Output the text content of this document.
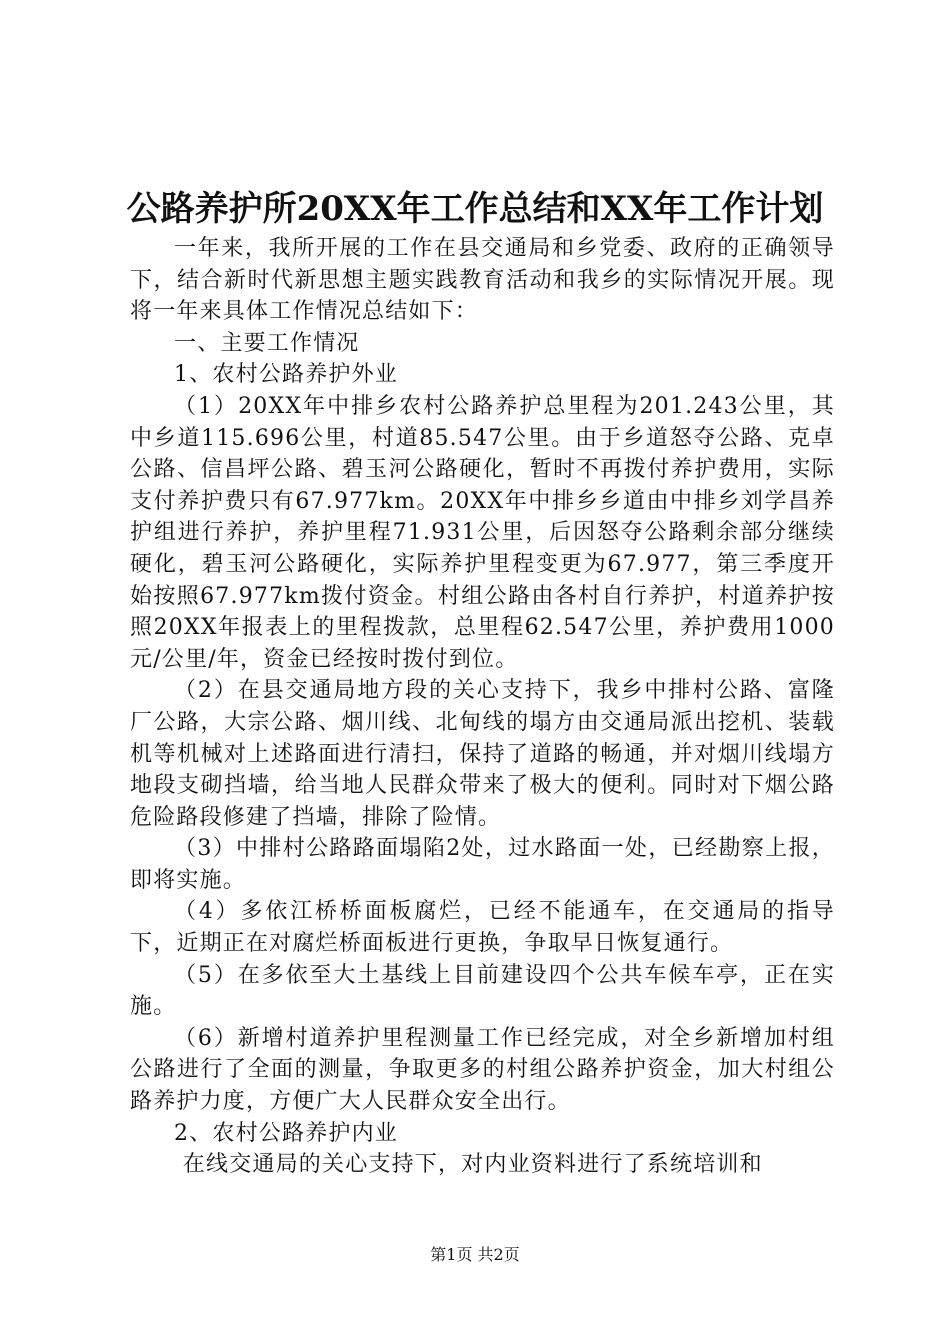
公路养护所20XX年工作总结和XX年工作计划

一年来，我所开展的工作在县交通局和乡党委、政府的正确领导下，结合新时代新思想主题实践教育活动和我乡的实际情况开展。现将一年来具体工作情况总结如下：

一、主要工作情况

1、农村公路养护外业

（1）20XX年中排乡农村公路养护总里程为201.243公里，其中乡道115.696公里，村道85.547公里。由于乡道怒夺公路、克卓公路、信昌坪公路、碧玉河公路硬化，暂时不再拨付养护费用，实际支付养护费只有67.977km。20XX年中排乡乡道由中排乡刘学昌养护组进行养护，养护里程71.931公里，后因怒夺公路剩余部分继续硬化，碧玉河公路硬化，实际养护里程变更为67.977，第三季度开始按照67.977km拨付资金。村组公路由各村自行养护，村道养护按照20XX年报表上的里程拨款，总里程62.547公里，养护费用1000元/公里/年，资金已经按时拨付到位。

（2）在县交通局地方段的关心支持下，我乡中排村公路、富隆厂公路，大宗公路、烟川线、北甸线的塌方由交通局派出挖机、装载机等机械对上述路面进行清扫，保持了道路的畅通，并对烟川线塌方地段支砌挡墙，给当地人民群众带来了极大的便利。同时对下烟公路危险路段修建了挡墙，排除了险情。

（3）中排村公路路面塌陷2处，过水路面一处，已经勘察上报，即将实施。

（4）多依江桥桥面板腐烂，已经不能通车，在交通局的指导下，近期正在对腐烂桥面板进行更换，争取早日恢复通行。

（5）在多依至大土基线上目前建设四个公共车候车亭，正在实施。

（6）新增村道养护里程测量工作已经完成，对全乡新增加村组公路进行了全面的测量，争取更多的村组公路养护资金，加大村组公路养护力度，方便广大人民群众安全出行。

2、农村公路养护内业

在线交通局的关心支持下，对内业资料进行了系统培训和

第1页 共2页
